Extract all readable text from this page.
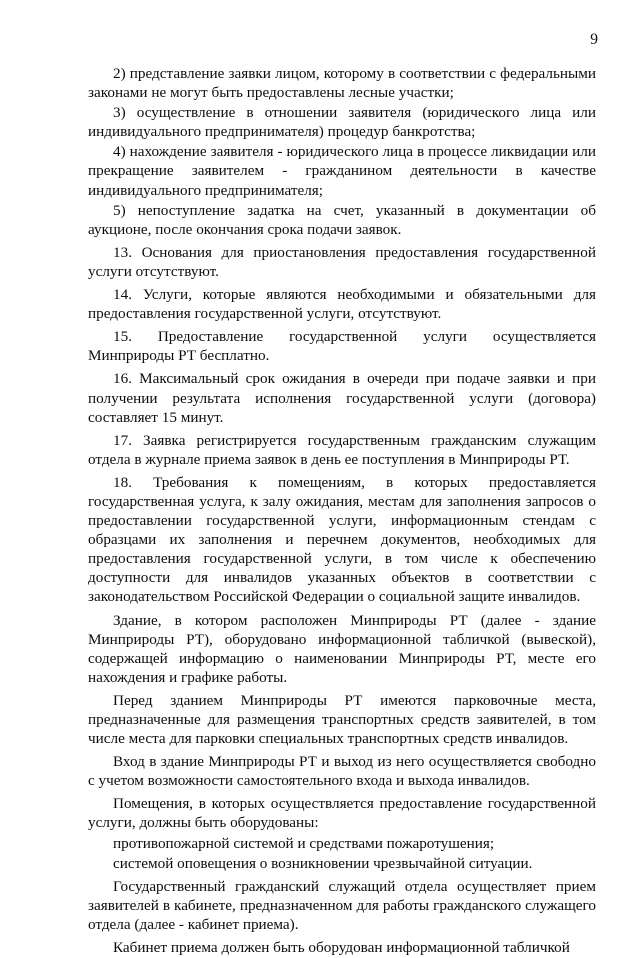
9

2) представление заявки лицом, которому в соответствии с федеральными законами не могут быть предоставлены лесные участки;

3) осуществление в отношении заявителя (юридического лица или индивидуального предпринимателя) процедур банкротства;

4) нахождение заявителя - юридического лица в процессе ликвидации или прекращение заявителем - гражданином деятельности в качестве индивидуального предпринимателя;

5) непоступление задатка на счет, указанный в документации об аукционе, после окончания срока подачи заявок.

13. Основания для приостановления предоставления государственной услуги отсутствуют.

14. Услуги, которые являются необходимыми и обязательными для предоставления государственной услуги, отсутствуют.

15. Предоставление государственной услуги осуществляется Минприроды РТ бесплатно.

16. Максимальный срок ожидания в очереди при подаче заявки и при получении результата исполнения государственной услуги (договора) составляет 15 минут.

17. Заявка регистрируется государственным гражданским служащим отдела в журнале приема заявок в день ее поступления в Минприроды РТ.

18. Требования к помещениям, в которых предоставляется государственная услуга, к залу ожидания, местам для заполнения запросов о предоставлении государственной услуги, информационным стендам с образцами их заполнения и перечнем документов, необходимых для предоставления государственной услуги, в том числе к обеспечению доступности для инвалидов указанных объектов в соответствии с законодательством Российской Федерации о социальной защите инвалидов.

Здание, в котором расположен Минприроды РТ (далее - здание Минприроды РТ), оборудовано информационной табличкой (вывеской), содержащей информацию о наименовании Минприроды РТ, месте его нахождения и графике работы.

Перед зданием Минприроды РТ имеются парковочные места, предназначенные для размещения транспортных средств заявителей, в том числе места для парковки специальных транспортных средств инвалидов.

Вход в здание Минприроды РТ и выход из него осуществляется свободно с учетом возможности самостоятельного входа и выхода инвалидов.

Помещения, в которых осуществляется предоставление государственной услуги, должны быть оборудованы:

противопожарной системой и средствами пожаротушения;

системой оповещения о возникновении чрезвычайной ситуации.

Государственный гражданский служащий отдела осуществляет прием заявителей в кабинете, предназначенном для работы гражданского служащего отдела (далее - кабинет приема).

Кабинет приема должен быть оборудован информационной табличкой
